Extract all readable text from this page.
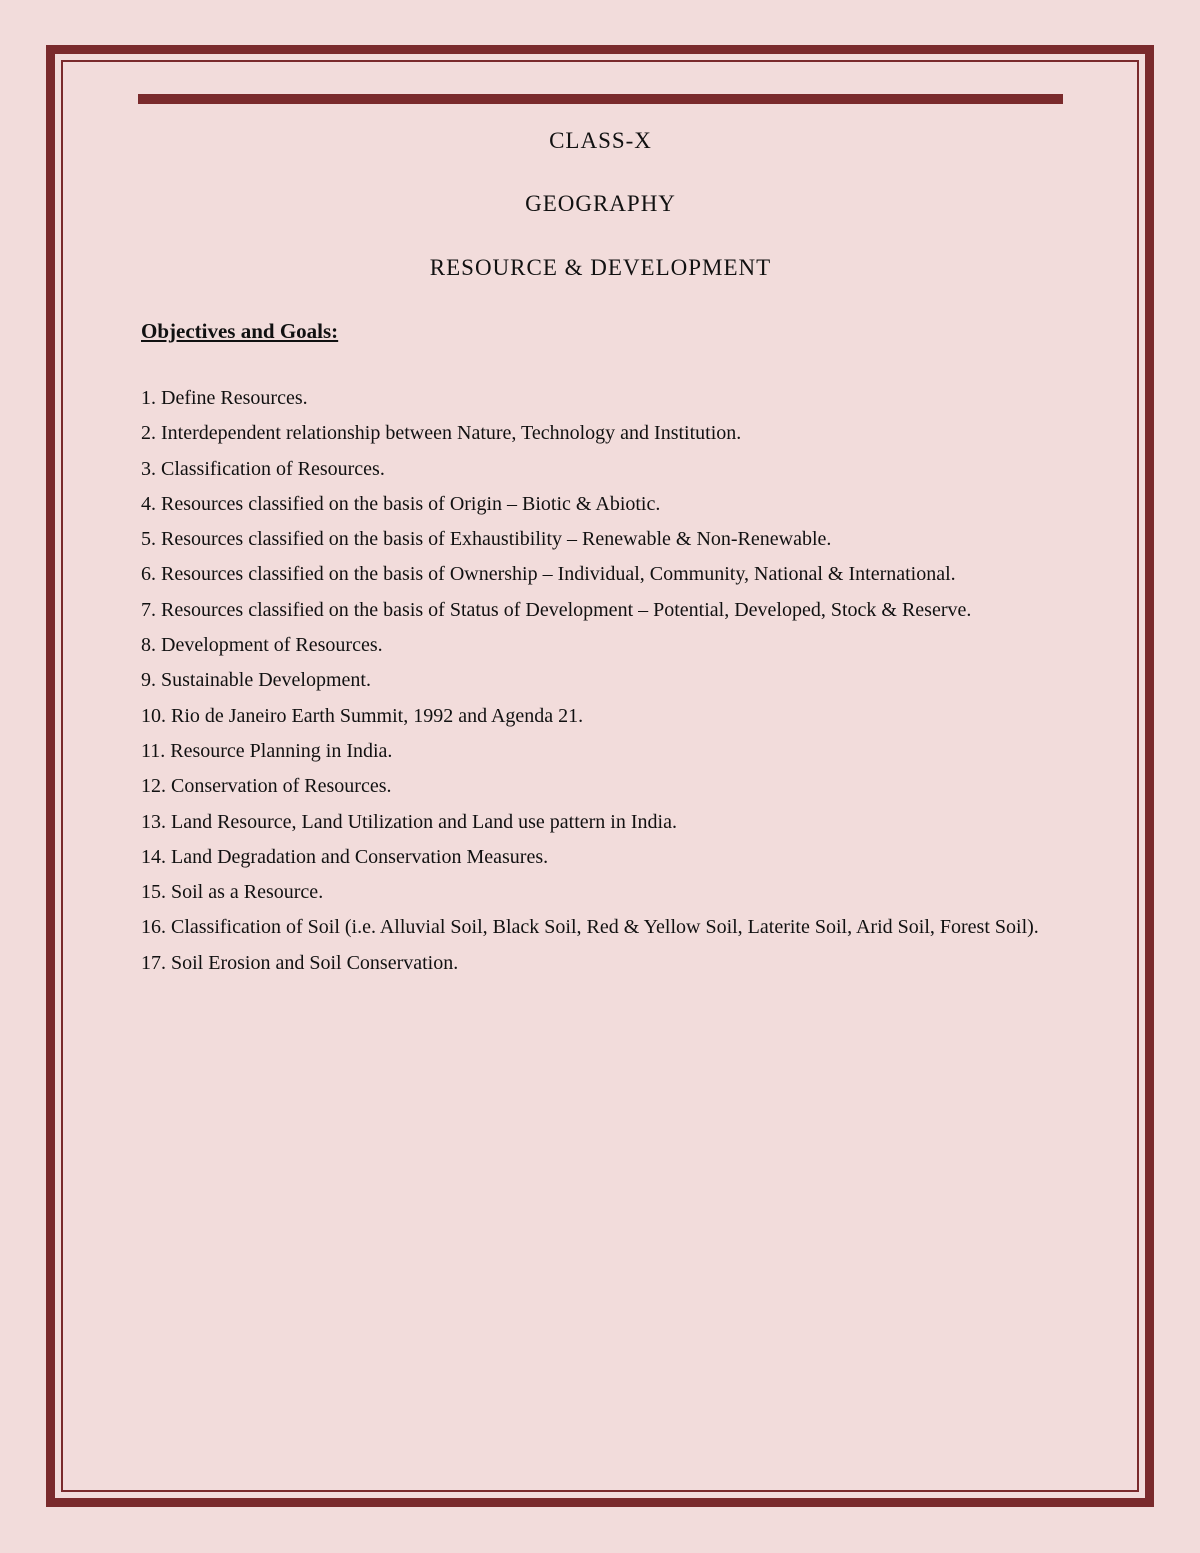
CLASS-X
GEOGRAPHY
RESOURCE & DEVELOPMENT
Objectives and Goals:
1. Define Resources.
2. Interdependent relationship between Nature, Technology and Institution.
3. Classification of Resources.
4. Resources classified on the basis of Origin – Biotic & Abiotic.
5. Resources classified on the basis of Exhaustibility – Renewable & Non-Renewable.
6. Resources classified on the basis of Ownership – Individual, Community, National & International.
7. Resources classified on the basis of Status of Development – Potential, Developed, Stock & Reserve.
8. Development of Resources.
9. Sustainable Development.
10. Rio de Janeiro Earth Summit, 1992 and Agenda 21.
11. Resource Planning in India.
12. Conservation of Resources.
13. Land Resource, Land Utilization and Land use pattern in India.
14. Land Degradation and Conservation Measures.
15. Soil as a Resource.
16. Classification of Soil (i.e. Alluvial Soil, Black Soil, Red & Yellow Soil, Laterite Soil, Arid Soil, Forest Soil).
17. Soil Erosion and Soil Conservation.
